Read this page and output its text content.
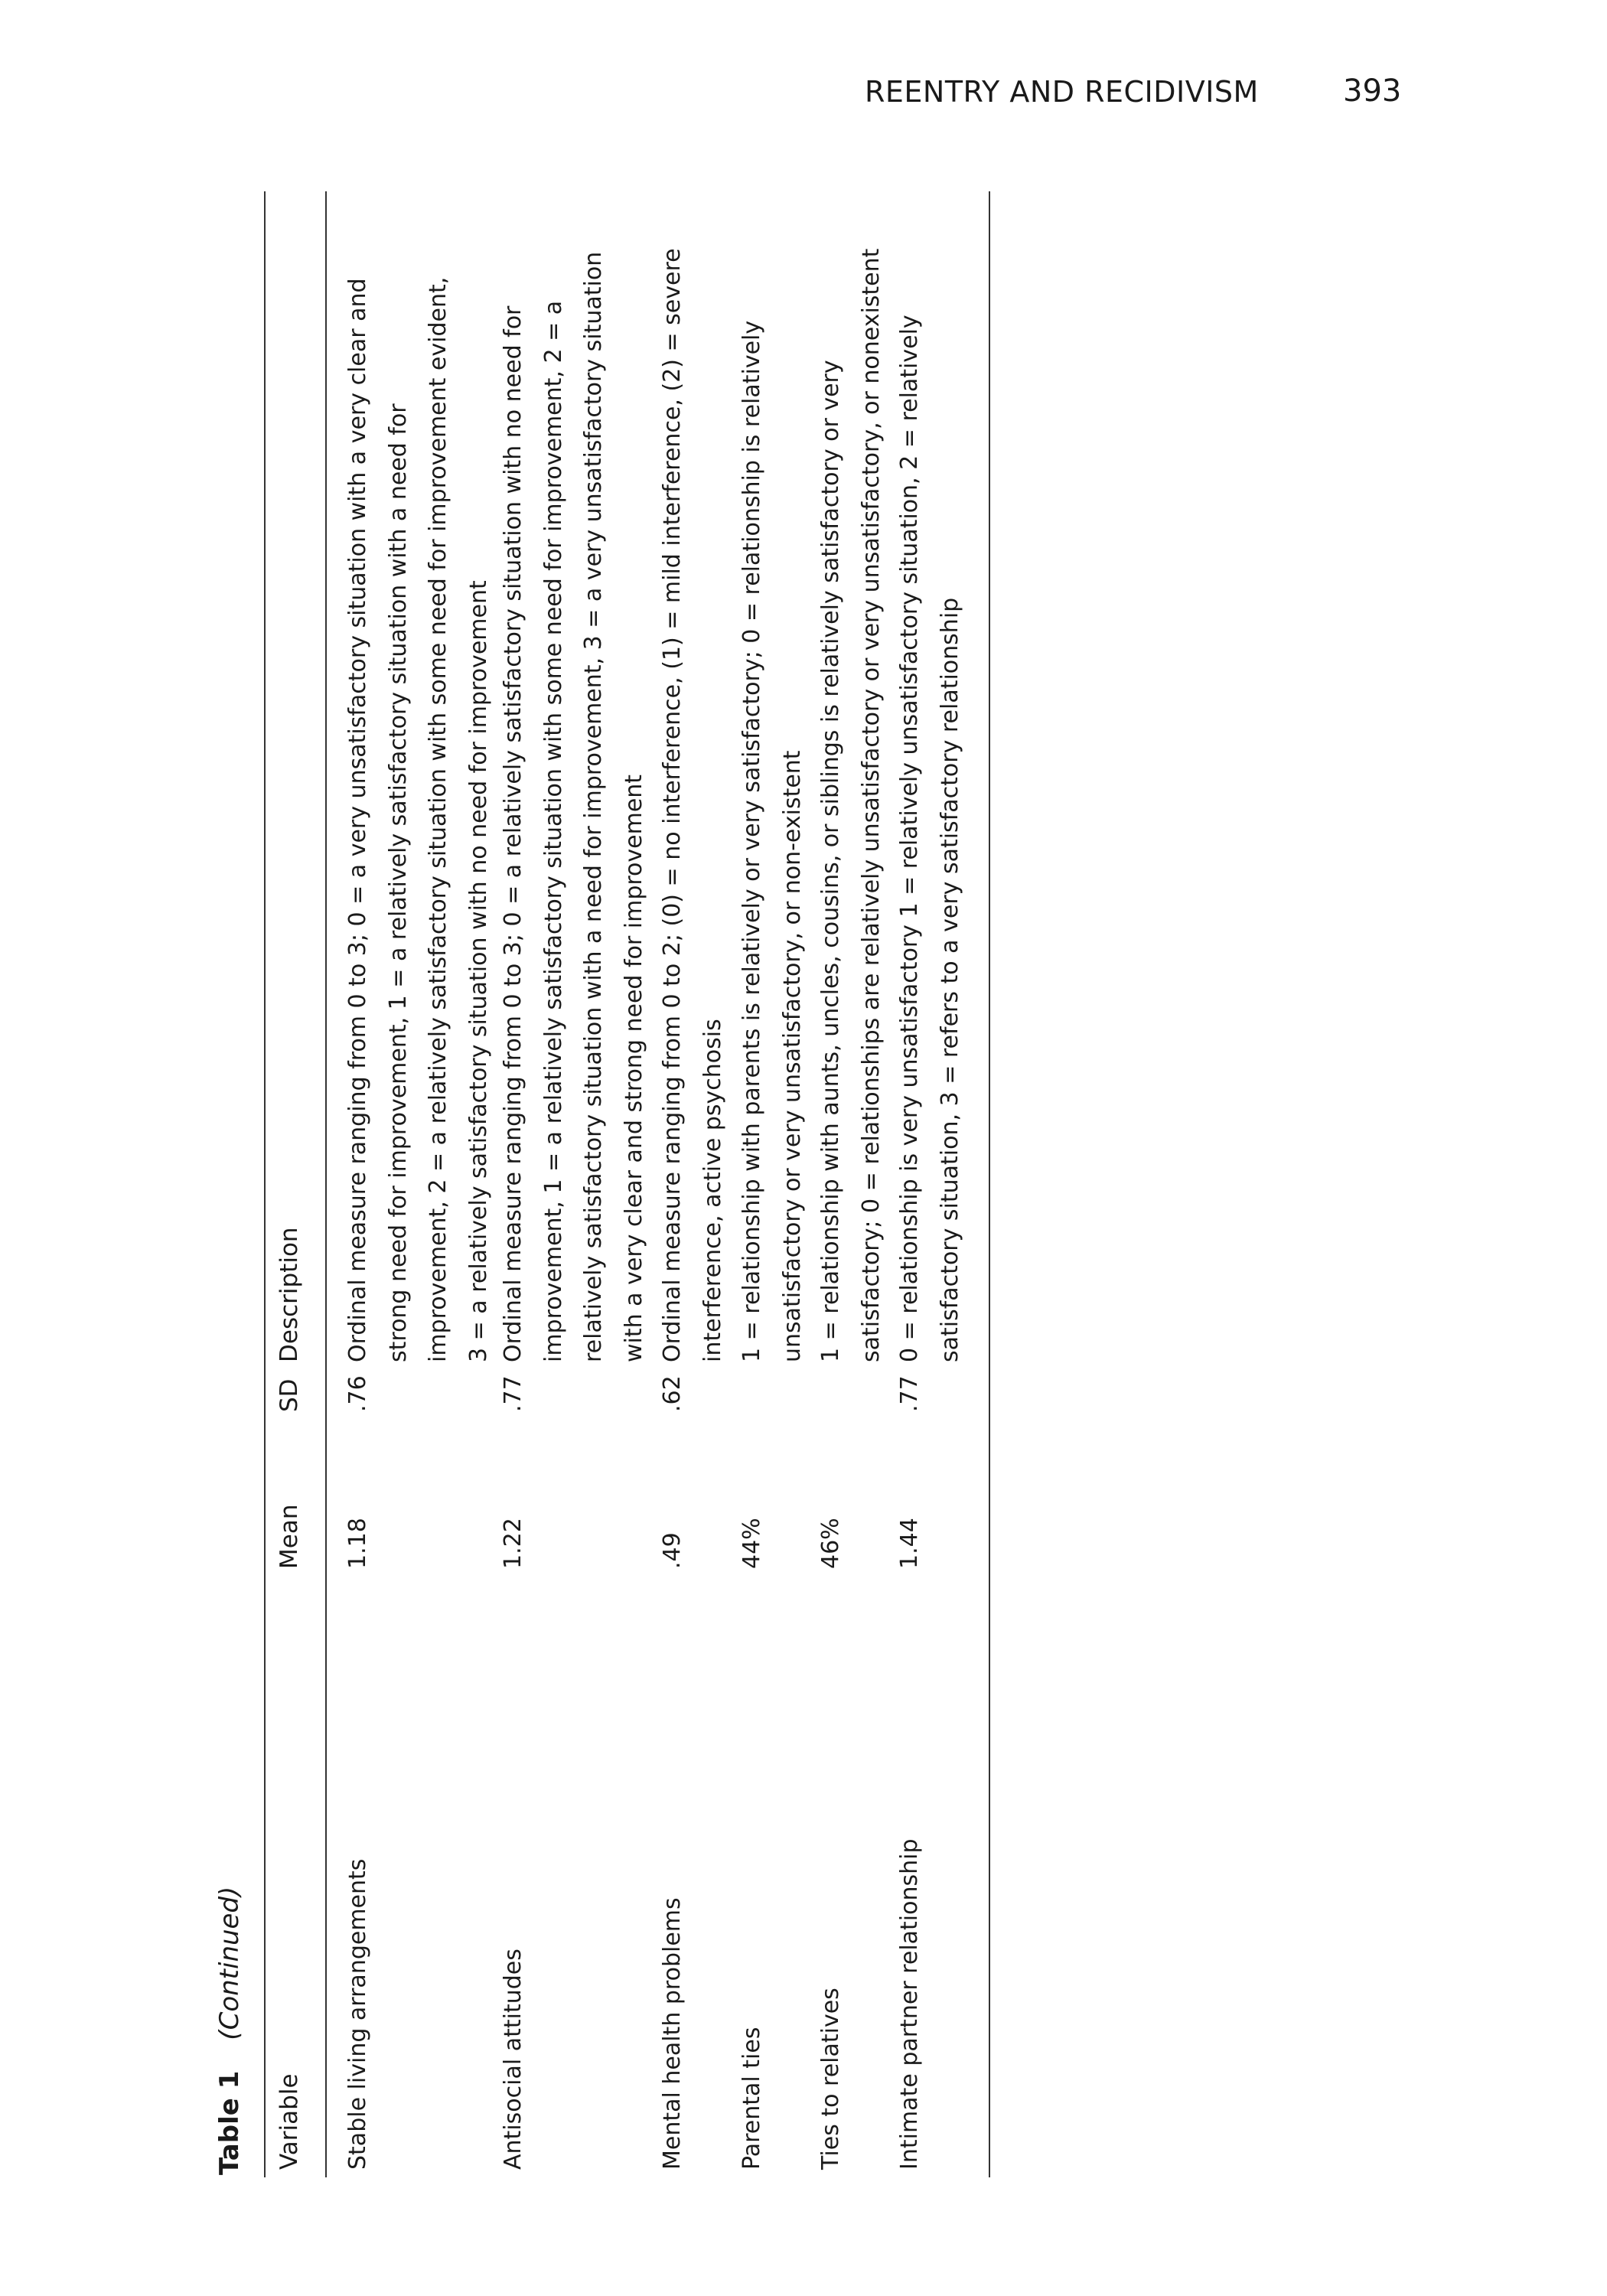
REENTRY AND RECIDIVISM	393
Table 1(Continued)
Variable
Mean
SD
Description
Stable living arrangements
1.18
.76
Ordinal measure ranging from 0 to 3; 0 = a very unsatisfactory situation with a very clear and strong need for improvement, 1 = a relatively satisfactory situation with a need for improvement, 2 = a relatively satisfactory situation with some need for improvement evident, 3 = a relatively satisfactory situation with no need for improvement
Antisocial attitudes
1.22
.77
Ordinal measure ranging from 0 to 3; 0 = a relatively satisfactory situation with no need for improvement, 1 = a relatively satisfactory situation with some need for improvement, 2 = a relatively satisfactory situation with a need for improvement, 3 = a very unsatisfactory situation with a very clear and strong need for improvement
Mental health problems
.49
.62
Ordinal measure ranging from 0 to 2; (0) = no interference, (1) = mild interference, (2) = severe interference, active psychosis
Parental ties
44%
1 = relationship with parents is relatively or very satisfactory; 0 = relationship is relatively unsatisfactory or very unsatisfactory, or non-existent
Ties to relatives
46%
1 = relationship with aunts, uncles, cousins, or siblings is relatively satisfactory or very satisfactory; 0 = relationships are relatively unsatisfactory or very unsatisfactory, or nonexistent
Intimate partner relationship
1.44
.77
0 = relationship is very unsatisfactory 1 = relatively unsatisfactory situation, 2 = relatively satisfactory situation, 3 = refers to a very satisfactory relationship
